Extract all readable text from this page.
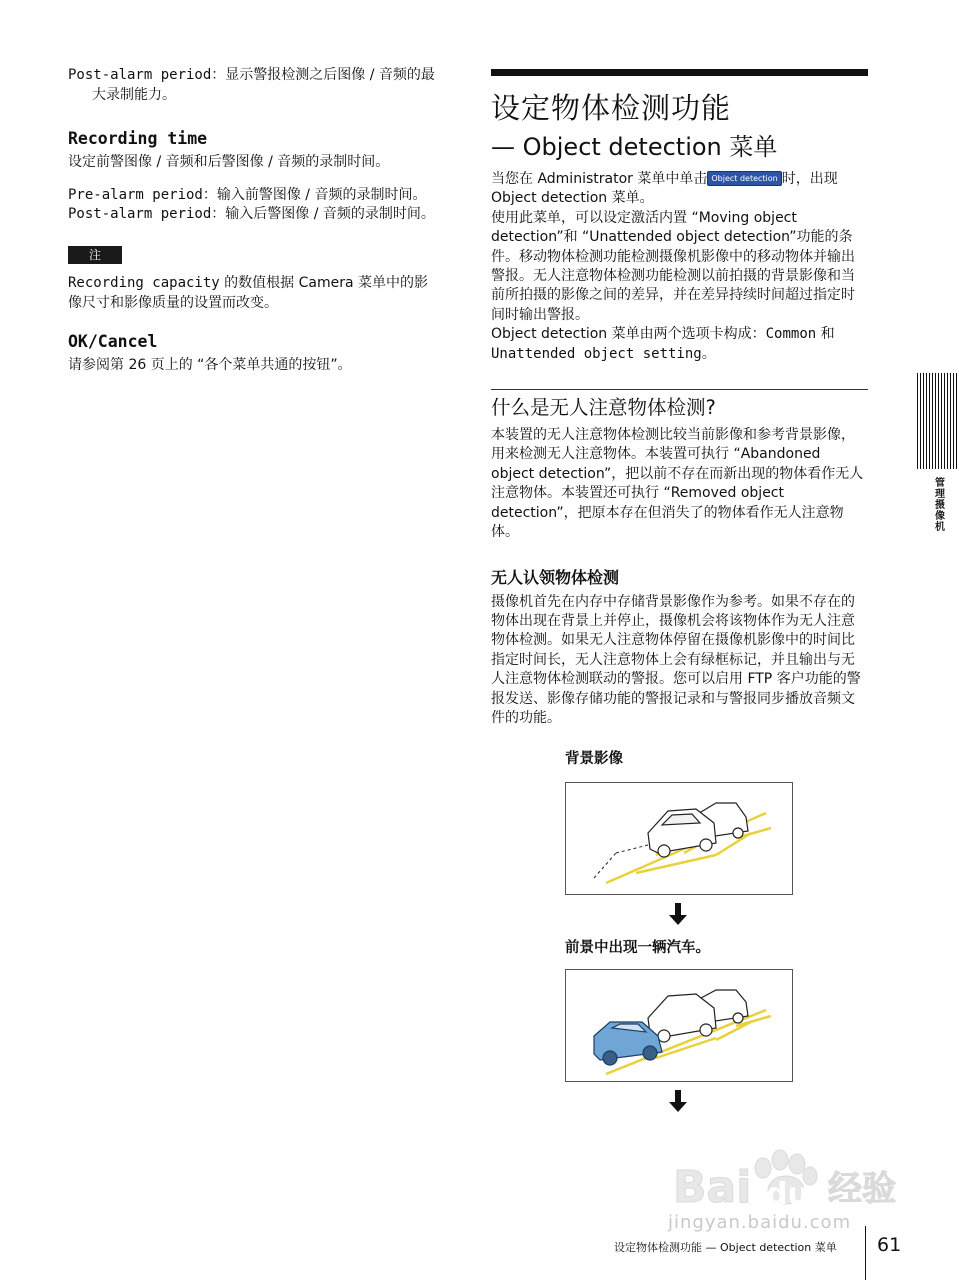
Post-alarm period：显示警报检测之后图像 / 音频的最大录制能力。

Recording time

设定前警图像 / 音频和后警图像 / 音频的录制时间。

Pre-alarm period：输入前警图像 / 音频的录制时间。

Post-alarm period：输入后警图像 / 音频的录制时间。

注

Recording capacity 的数值根据 Camera 菜单中的影像尺寸和影像质量的设置而改变。

OK/Cancel

请参阅第 26 页上的 “各个菜单共通的按钮”。

设定物体检测功能
— Object detection 菜单

当您在 Administrator 菜单中单击 Object detection 时，出现 Object detection 菜单。

使用此菜单，可以设定激活内置 “Moving object detection”和 “Unattended object detection”功能的条件。移动物体检测功能检测摄像机影像中的移动物体并输出警报。无人注意物体检测功能检测以前拍摄的背景影像和当前所拍摄的影像之间的差异，并在差异持续时间超过指定时间时输出警报。

Object detection 菜单由两个选项卡构成：Common 和 Unattended object setting。

什么是无人注意物体检测?

本装置的无人注意物体检测比较当前影像和参考背景影像，用来检测无人注意物体。本装置可执行 “Abandoned object detection”，把以前不存在而新出现的物体看作无人注意物体。本装置还可执行 “Removed object detection”，把原本存在但消失了的物体看作无人注意物体。

无人认领物体检测

摄像机首先在内存中存储背景影像作为参考。如果不存在的物体出现在背景上并停止，摄像机会将该物体作为无人注意物体检测。如果无人注意物体停留在摄像机影像中的时间比指定时间长，无人注意物体上会有绿框标记，并且输出与无人注意物体检测联动的警报。您可以启用 FTP 客户功能的警报发送、影像存储功能的警报记录和与警报同步播放音频文件的功能。

背景影像
前景中出现一辆汽车。
管理摄像机
Bai du 经验
jingyan.baidu.com
设定物体检测功能 — Object detection 菜单 61
